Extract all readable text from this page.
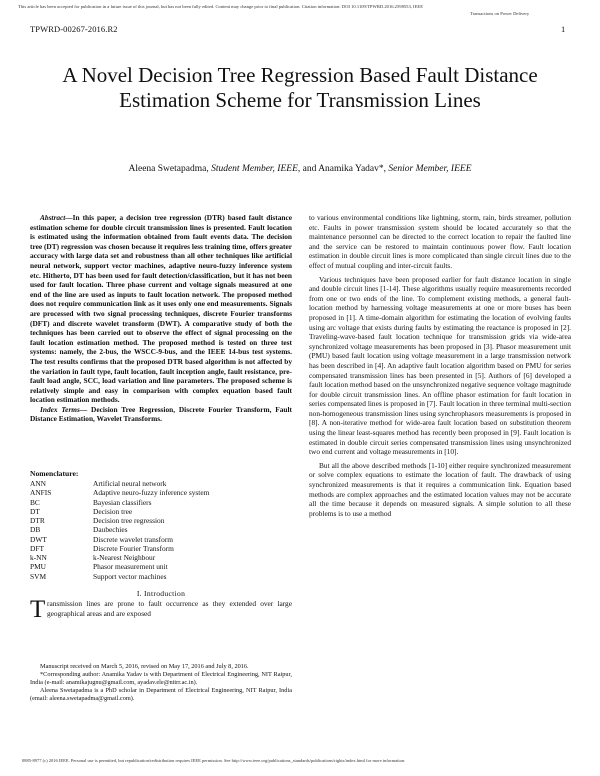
This article has been accepted for publication in a future issue of this journal, but has not been fully edited. Content may change prior to final publication. Citation information: DOI 10.1109/TPWRD.2016.2598553, IEEE
Transactions on Power Delivery
TPWRD-00267-2016.R2	1
A Novel Decision Tree Regression Based Fault Distance Estimation Scheme for Transmission Lines
Aleena Swetapadma, Student Member, IEEE, and Anamika Yadav*, Senior Member, IEEE

Abstract—In this paper, a decision tree regression (DTR) based fault distance estimation scheme for double circuit transmission lines is presented. Fault location is estimated using the information obtained from fault events data. The decision tree (DT) regression was chosen because it requires less training time, offers greater accuracy with large data set and robustness than all other techniques like artificial neural network, support vector machines, adaptive neuro-fuzzy inference system etc. Hitherto, DT has been used for fault detection/classification, but it has not been used for fault location. Three phase current and voltage signals measured at one end of the line are used as inputs to fault location network. The proposed method does not require communication link as it uses only one end measurements. Signals are processed with two signal processing techniques, discrete Fourier transforms (DFT) and discrete wavelet transform (DWT). A comparative study of both the techniques has been carried out to observe the effect of signal processing on the fault location estimation method. The proposed method is tested on three test systems: namely, the 2-bus, the WSCC-9-bus, and the IEEE 14-bus test systems. The test results confirms that the proposed DTR based algorithm is not affected by the variation in fault type, fault location, fault inception angle, fault resistance, pre-fault load angle, SCC, load variation and line parameters. The proposed scheme is relatively simple and easy in comparison with complex equation based fault location estimation methods.

Index Terms— Decision Tree Regression, Discrete Fourier Transform, Fault Distance Estimation, Wavelet Transforms.

Nomenclature:
ANN	Artificial neural network
ANFIS	Adaptive neuro-fuzzy inference system
BC	Bayesian classifiers
DT	Decision tree
DTR	Decision tree regression
DB	Daubechies
DWT	Discrete wavelet transform
DFT	Discrete Fourier Transform
k-NN	k-Nearest Neighbour
PMU	Phasor measurement unit
SVM	Support vector machines
I. Introduction
T ransmission lines are prone to fault occurrence as they extended over large geographical areas and are exposed

Manuscript received on March 5, 2016, revised on May 17, 2016 and July 8, 2016.

*Corresponding author: Anamika Yadav is with Department of Electrical Engineering, NIT Raipur, India (e-mail: anamikajugnu@gmail.com, ayadav.ele@nitrr.ac.in).

Aleena Swetapadma is a PhD scholar in Department of Electrical Engineering, NIT Raipur, India (email: aleena.swetapadma@gmail.com).

to various environmental conditions like lightning, storm, rain, birds streamer, pollution etc. Faults in power transmission system should be located accurately so that the maintenance personnel can be directed to the correct location to repair the faulted line and the service can be restored to maintain continuous power flow. Fault location estimation in double circuit lines is more complicated than single circuit lines due to the effect of mutual coupling and inter-circuit faults.

Various techniques have been proposed earlier for fault distance location in single and double circuit lines [1-14]. These algorithms usually require measurements recorded from one or two ends of the line. To complement existing methods, a general fault-location method by harnessing voltage measurements at one or more buses has been proposed in [1]. A time-domain algorithm for estimating the location of evolving faults using arc voltage that exists during faults by estimating the reactance is proposed in [2]. Traveling-wave-based fault location technique for transmission grids via wide-area synchronized voltage measurements has been proposed in [3]. Phasor measurement unit (PMU) based fault location using voltage measurement in a large transmission network has been described in [4]. An adaptive fault location algorithm based on PMU for series compensated transmission lines has been presented in [5]. Authors of [6] developed a fault location method based on the unsynchronized negative sequence voltage magnitude for double circuit transmission lines. An offline phasor estimation for fault location in series compensated lines is proposed in [7]. Fault location in three terminal multi-section non-homogeneous transmission lines using synchrophasors measurements is proposed in [8]. A non-iterative method for wide-area fault location based on substitution theorem using the linear least-squares method has recently been proposed in [9]. Fault location is estimated in double circuit series compensated transmission lines using unsynchronized two end current and voltage measurements in [10].

But all the above described methods [1-10] either require synchronized measurement or solve complex equations to estimate the location of fault. The drawback of using synchronized measurements is that it requires a communication link. Equation based methods are complex approaches and the estimated location values may not be accurate all the time because it depends on measured signals. A simple solution to all these problems is to use a method

0885-8977 (c) 2016 IEEE. Personal use is permitted, but republication/redistribution requires IEEE permission. See http://www.ieee.org/publications_standards/publications/rights/index.html for more information.
